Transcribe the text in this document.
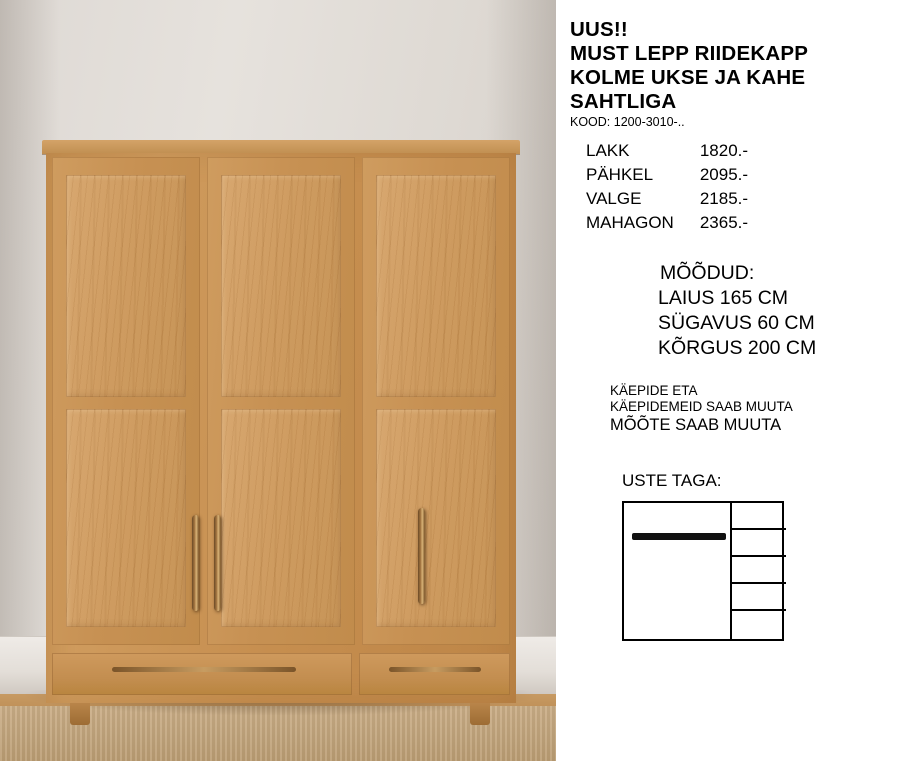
UUS!!
MUST LEPP RIIDEKAPP
KOLME UKSE JA KAHE
SAHTLIGA
KOOD: 1200-3010-..
LAKK	1820.-
PÄHKEL	2095.-
VALGE	2185.-
MAHAGON	2365.-
MÕÕDUD:
LAIUS 165 CM
SÜGAVUS 60 CM
KÕRGUS 200 CM
KÄEPIDE ETA
KÄEPIDEMEID SAAB MUUTA
MÕÕTE SAAB MUUTA
USTE TAGA:
